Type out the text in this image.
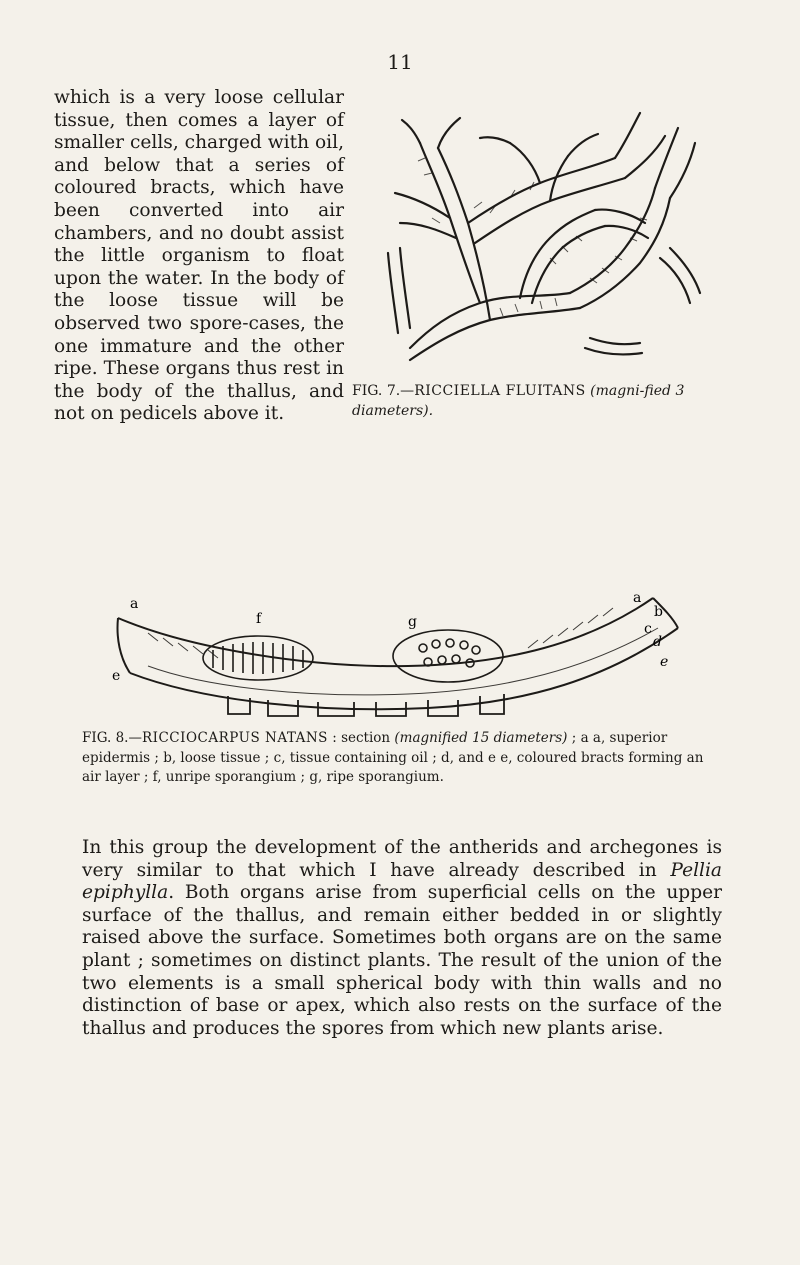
11
which is a very loose cellular tissue, then comes a layer of smaller cells, charged with oil, and below that a series of coloured bracts, which have been converted into air chambers, and no doubt assist the little organism to float upon the water. In the body of the loose tissue will be observed two spore-cases, the one immature and the other ripe. These organs thus rest in the body of the thallus, and not on pedicels above it.
FIG. 7.—RICCIELLA FLUITANS (magni-fied 3 diameters).
a
f	g
a
b
c
d
e
e
FIG. 8.—RICCIOCARPUS NATANS : section (magnified 15 diameters) ; a a, superior epidermis ; b, loose tissue ; c, tissue containing oil ; d, and e e, coloured bracts forming an air layer ; f, unripe sporangium ; g, ripe sporangium.

In this group the development of the antherids and archegones is very similar to that which I have already described in Pellia epiphylla. Both organs arise from superficial cells on the upper surface of the thallus, and remain either bedded in or slightly raised above the surface. Sometimes both organs are on the same plant ; sometimes on distinct plants. The result of the union of the two elements is a small spherical body with thin walls and no distinction of base or apex, which also rests on the surface of the thallus and produces the spores from which new plants arise.
